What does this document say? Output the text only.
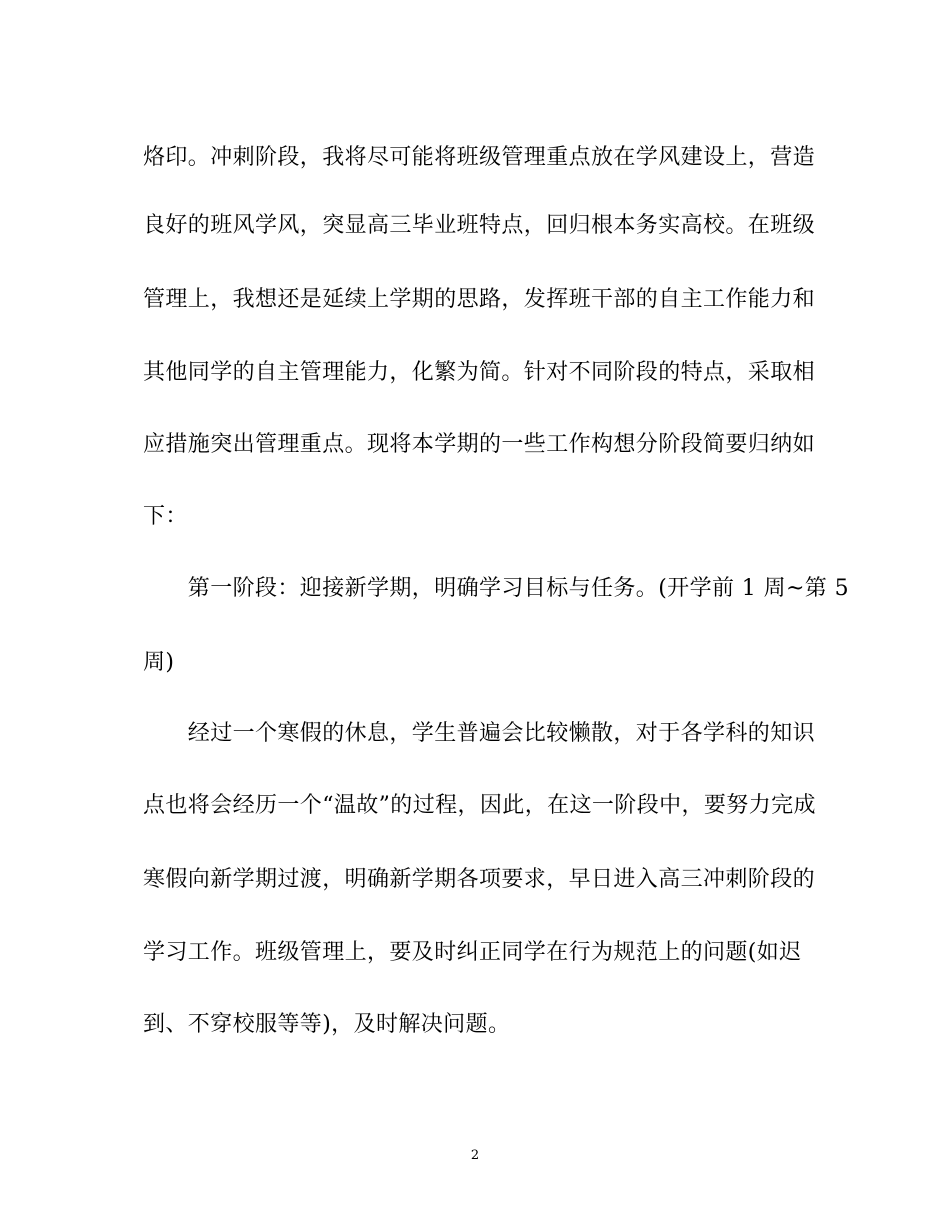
烙印。冲刺阶段，我将尽可能将班级管理重点放在学风建设上，营造
良好的班风学风，突显高三毕业班特点，回归根本务实高校。在班级
管理上，我想还是延续上学期的思路，发挥班干部的自主工作能力和
其他同学的自主管理能力，化繁为简。针对不同阶段的特点，采取相
应措施突出管理重点。现将本学期的一些工作构想分阶段简要归纳如
下：
　　第一阶段：迎接新学期，明确学习目标与任务。(开学前 1 周~第 5
周)
　　经过一个寒假的休息，学生普遍会比较懒散，对于各学科的知识
点也将会经历一个“温故”的过程，因此，在这一阶段中，要努力完成
寒假向新学期过渡，明确新学期各项要求，早日进入高三冲刺阶段的
学习工作。班级管理上，要及时纠正同学在行为规范上的问题(如迟
到、不穿校服等等)，及时解决问题。
2
